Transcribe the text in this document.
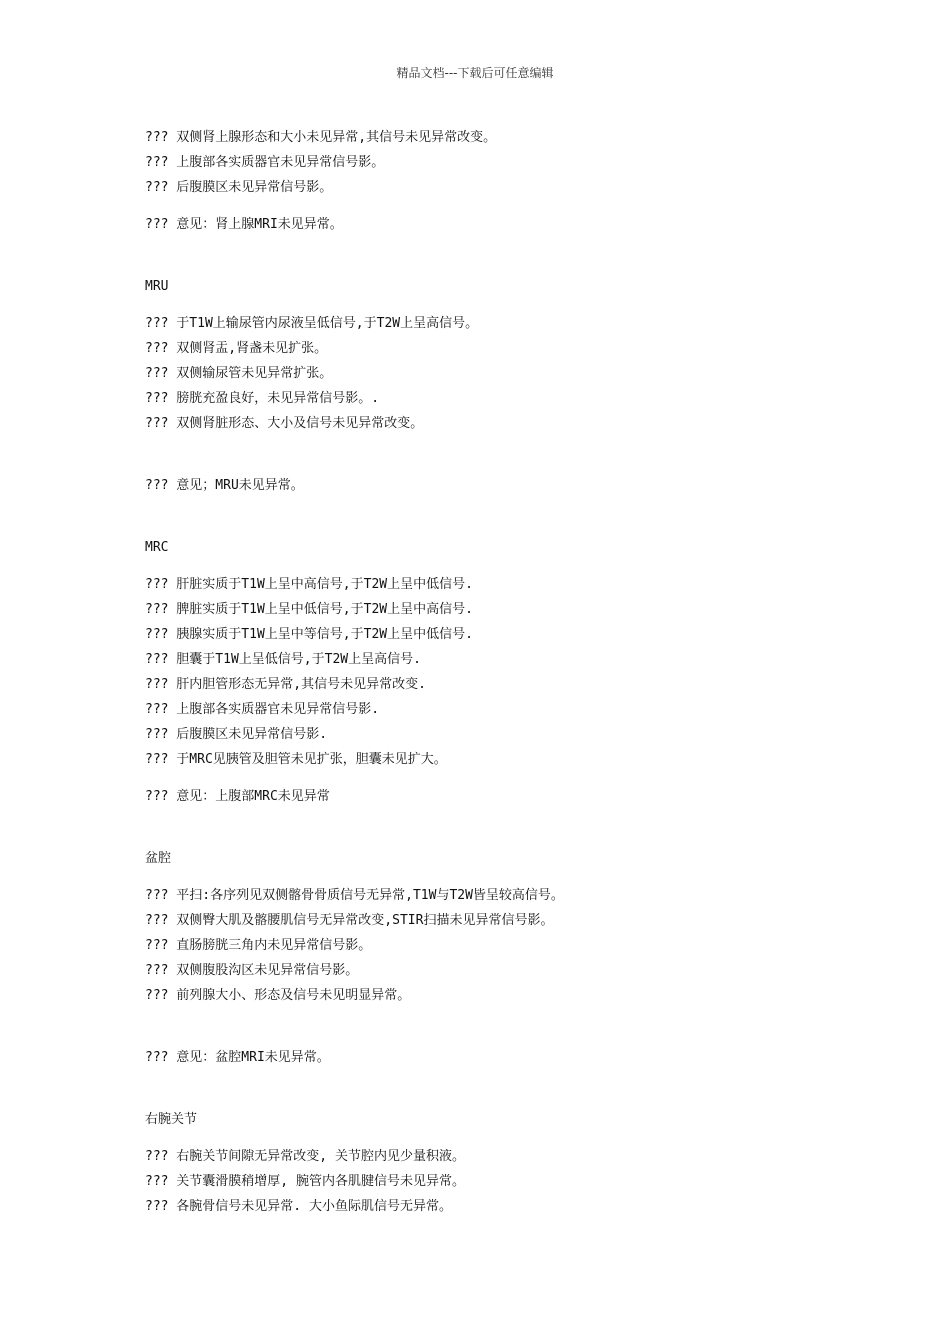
精品文档---下载后可任意编辑
??? 双侧肾上腺形态和大小未见异常,其信号未见异常改变。
??? 上腹部各实质器官未见异常信号影。
??? 后腹膜区未见异常信号影。
??? 意见：肾上腺MRI未见异常。
MRU
??? 于T1W上输尿管内尿液呈低信号,于T2W上呈高信号。
??? 双侧肾盂,肾盏未见扩张。
??? 双侧输尿管未见异常扩张。
??? 膀胱充盈良好，未见异常信号影。.
??? 双侧肾脏形态、大小及信号未见异常改变。
??? 意见；MRU未见异常。
MRC
??? 肝脏实质于T1W上呈中高信号,于T2W上呈中低信号.
??? 脾脏实质于T1W上呈中低信号,于T2W上呈中高信号.
??? 胰腺实质于T1W上呈中等信号,于T2W上呈中低信号.
??? 胆囊于T1W上呈低信号,于T2W上呈高信号.
??? 肝内胆管形态无异常,其信号未见异常改变.
??? 上腹部各实质器官未见异常信号影.
??? 后腹膜区未见异常信号影.
??? 于MRC见胰管及胆管未见扩张，胆囊未见扩大。
??? 意见：上腹部MRC未见异常
盆腔
??? 平扫:各序列见双侧髂骨骨质信号无异常,T1W与T2W皆呈较高信号。
??? 双侧臀大肌及髂腰肌信号无异常改变,STIR扫描未见异常信号影。
??? 直肠膀胱三角内未见异常信号影。
??? 双侧腹股沟区未见异常信号影。
??? 前列腺大小、形态及信号未见明显异常。
??? 意见：盆腔MRI未见异常。
右腕关节
??? 右腕关节间隙无异常改变, 关节腔内见少量积液。
??? 关节囊滑膜稍增厚, 腕管内各肌腱信号未见异常。
??? 各腕骨信号未见异常. 大小鱼际肌信号无异常。
